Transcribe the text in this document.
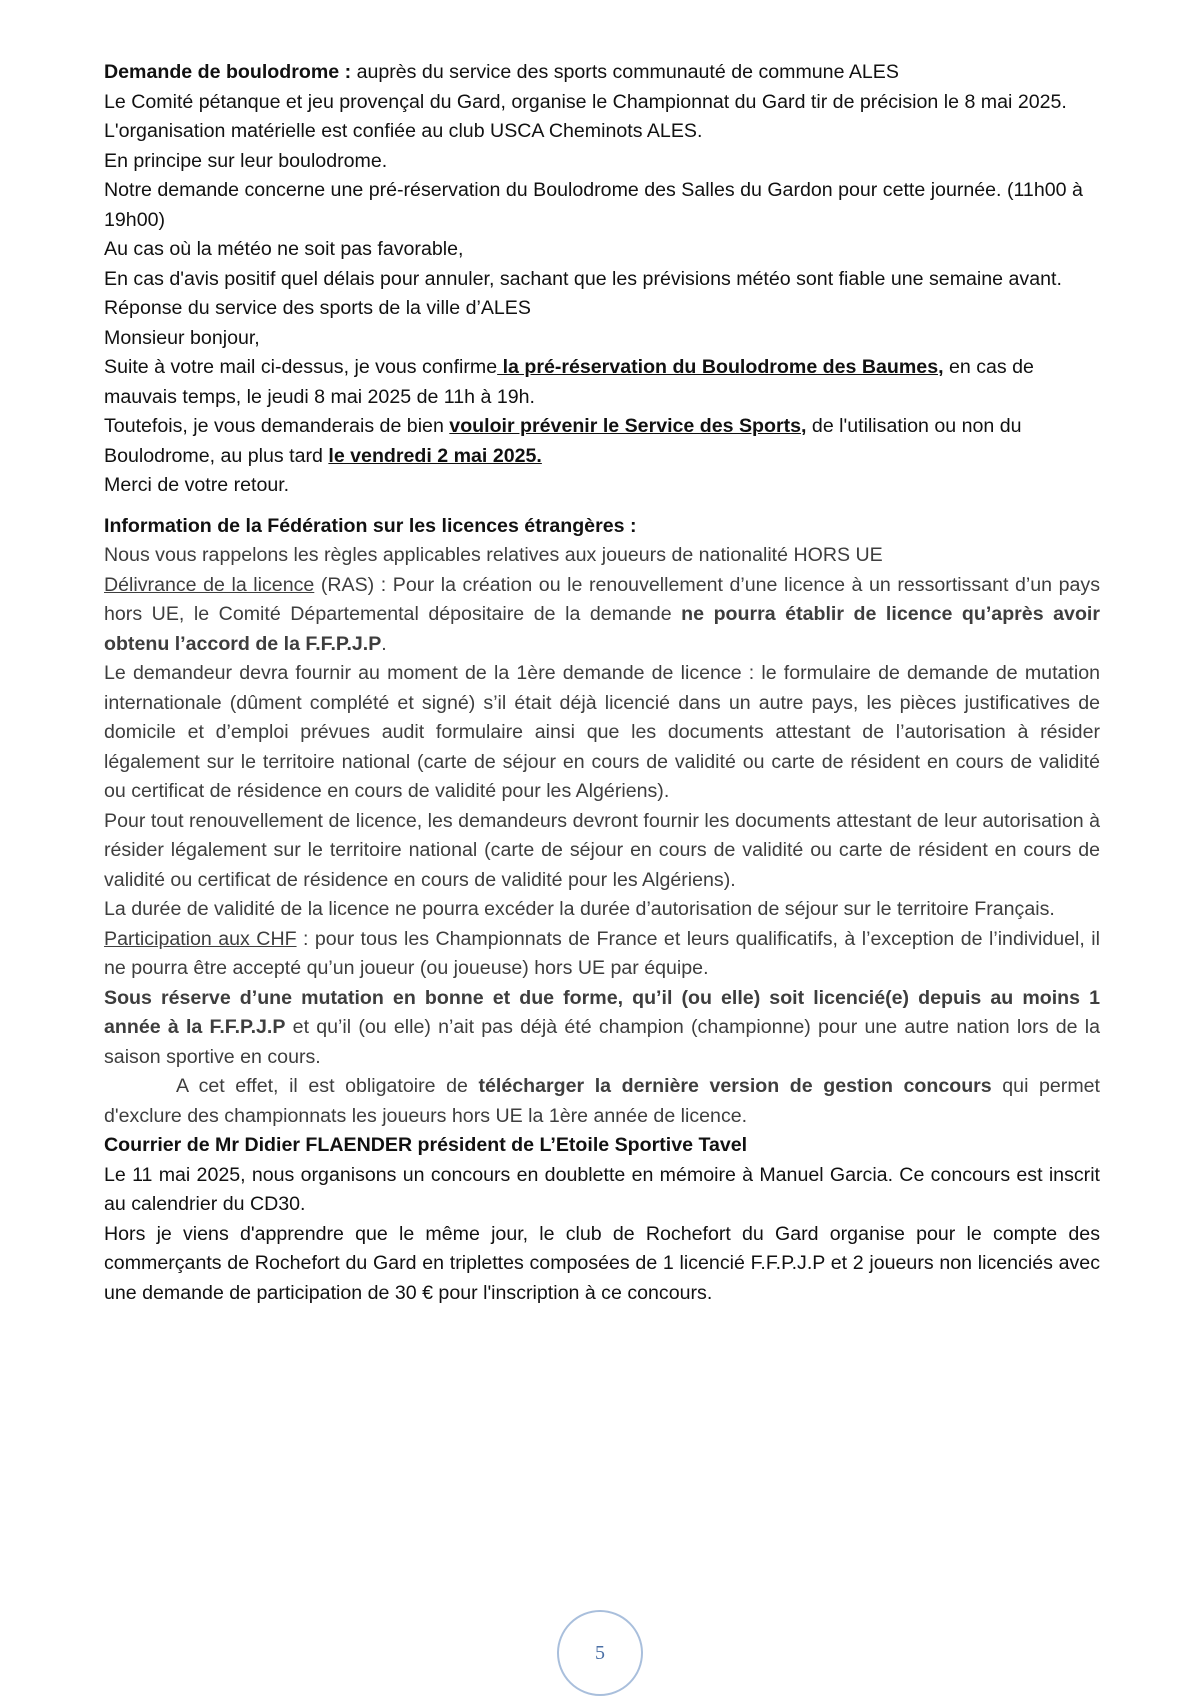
Demande de boulodrome : auprès du service des sports communauté de commune ALES

Le Comité pétanque et jeu provençal du Gard, organise le Championnat du Gard tir de précision le 8 mai 2025.

L'organisation matérielle est confiée au club USCA Cheminots ALES.

En principe sur leur boulodrome.

Notre demande concerne une pré-réservation du Boulodrome des Salles du Gardon pour cette journée. (11h00 à 19h00)

Au cas où la météo ne soit pas favorable,

En cas d'avis positif quel délais pour annuler, sachant que les prévisions météo sont fiable une semaine avant.

Réponse du service des sports de la ville d’ALES

Monsieur bonjour,

Suite à votre mail ci-dessus, je vous confirme la pré-réservation du Boulodrome des Baumes, en cas de mauvais temps, le jeudi 8 mai 2025 de 11h à 19h.

Toutefois, je vous demanderais de bien vouloir prévenir le Service des Sports, de l'utilisation ou non du Boulodrome, au plus tard le vendredi 2 mai 2025.

Merci de votre retour.

Information de la Fédération sur les licences étrangères :

Nous vous rappelons les règles applicables relatives aux joueurs de nationalité HORS UE

Délivrance de la licence (RAS) : Pour la création ou le renouvellement d’une licence à un ressortissant d’un pays hors UE, le Comité Départemental dépositaire de la demande ne pourra établir de licence qu’après avoir obtenu l’accord de la F.F.P.J.P.

Le demandeur devra fournir au moment de la 1ère demande de licence : le formulaire de demande de mutation internationale (dûment complété et signé) s’il était déjà licencié dans un autre pays, les pièces justificatives de domicile et d’emploi prévues audit formulaire ainsi que les documents attestant de l’autorisation à résider légalement sur le territoire national (carte de séjour en cours de validité ou carte de résident en cours de validité ou certificat de résidence en cours de validité pour les Algériens).

Pour tout renouvellement de licence, les demandeurs devront fournir les documents attestant de leur autorisation à résider légalement sur le territoire national (carte de séjour en cours de validité ou carte de résident en cours de validité ou certificat de résidence en cours de validité pour les Algériens).

La durée de validité de la licence ne pourra excéder la durée d’autorisation de séjour sur le territoire Français.

Participation aux CHF : pour tous les Championnats de France et leurs qualificatifs, à l’exception de l’individuel, il ne pourra être accepté qu’un joueur (ou joueuse) hors UE par équipe.

Sous réserve d’une mutation en bonne et due forme, qu’il (ou elle) soit licencié(e) depuis au moins 1 année à la F.F.P.J.P et qu’il (ou elle) n’ait pas déjà été champion (championne) pour une autre nation lors de la saison sportive en cours.

A cet effet, il est obligatoire de télécharger la dernière version de gestion concours qui permet d'exclure des championnats les joueurs hors UE la 1ère année de licence.

Courrier de Mr Didier FLAENDER président de L’Etoile Sportive Tavel

Le 11 mai 2025, nous organisons un concours en doublette en mémoire à Manuel Garcia. Ce concours est inscrit au calendrier du CD30.

Hors je viens d'apprendre que le même jour, le club de Rochefort du Gard organise pour le compte des commerçants de Rochefort du Gard en triplettes composées de 1 licencié F.F.P.J.P et 2 joueurs non licenciés avec une demande de participation de 30 € pour l'inscription à ce concours.

5
